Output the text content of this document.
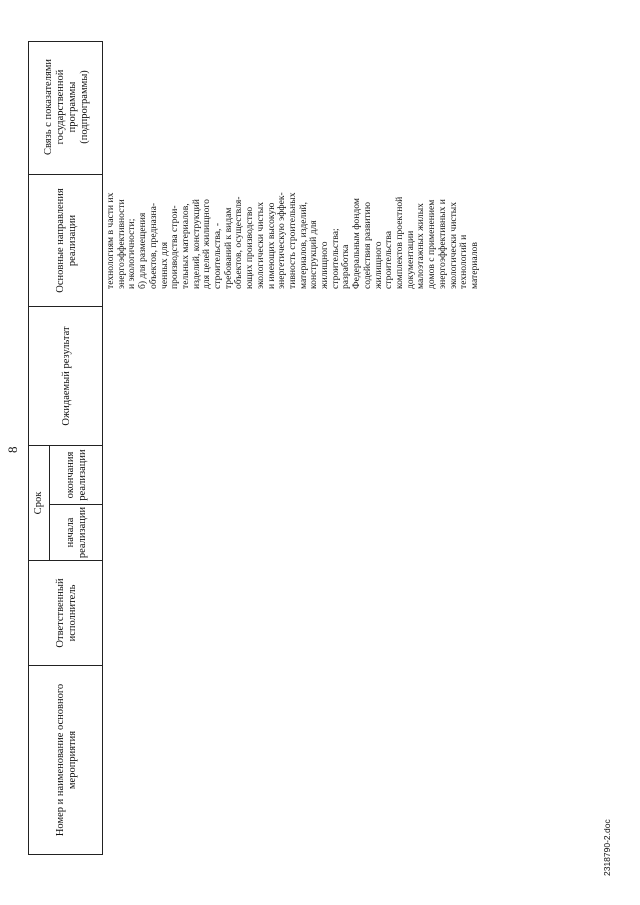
8
Номер и наименование основного мероприятия
Ответственный исполнитель
Срок
начала реализации
окончания реализации
Ожидаемый результат
Основные направления реализации
Связь с показателями государственной программы (подпрограммы)
технологиям в части их энергоэффективности и экологичности; б) для размещения объектов, предназна- ченных для производства строи- тельных материалов, изделий, конструкций для целей жилищного строительства, - требований к видам объектов, осуществля- ющих производство экологически чистых и имеющих высокую энергетическую эффек- тивность строительных материалов, изделий, конструкций для жилищного строительства; разработка Федеральным фондом содействия развитию жилищного строительства комплектов проектной документации малоэтажных жилых домов с применением энергоэффективных и экологически чистых технологий и материалов
2318790-2.doc
